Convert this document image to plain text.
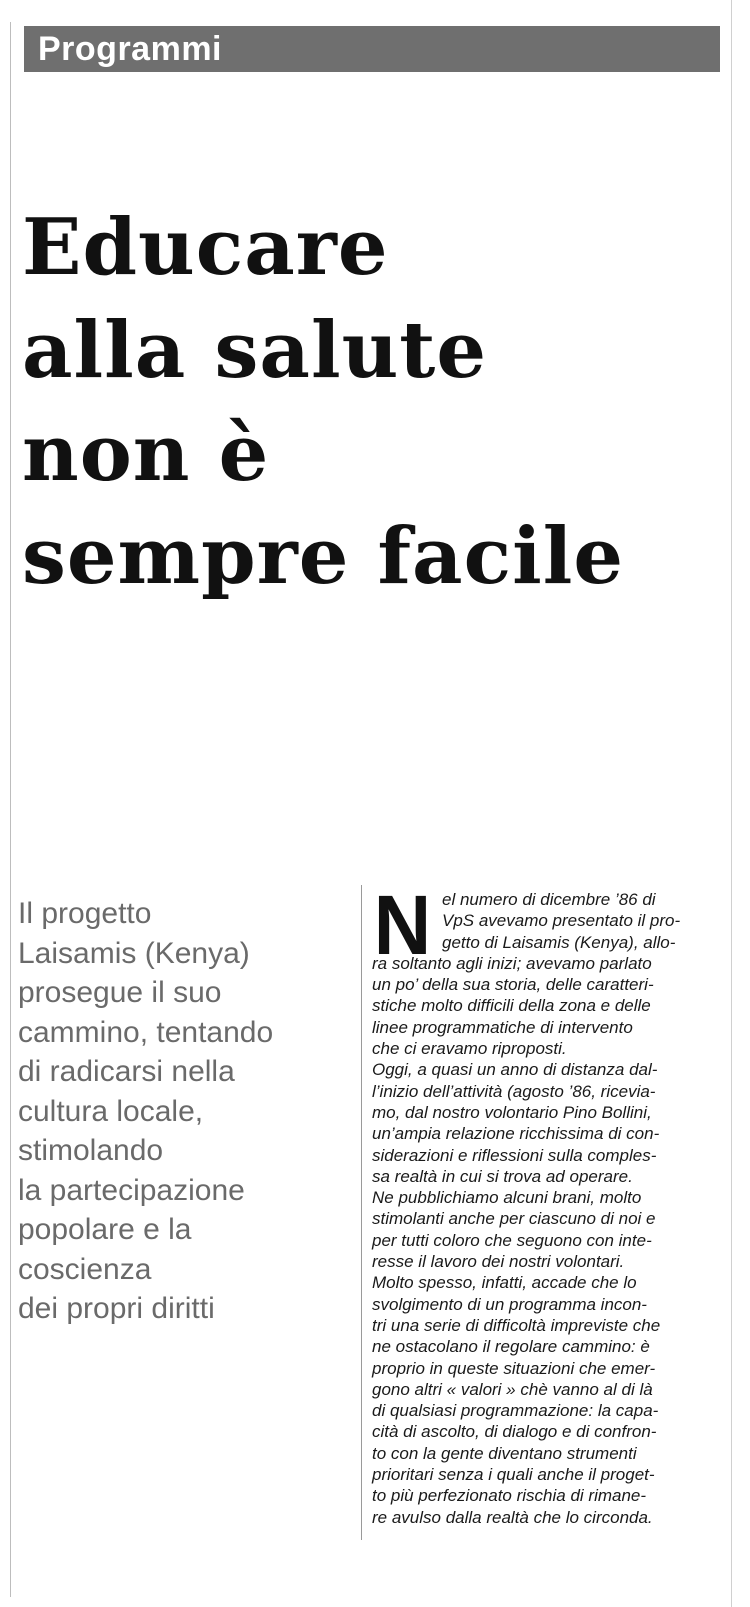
Programmi
Educare
alla salute
non è
sempre facile
Il progetto
Laisamis (Kenya)
prosegue il suo
cammino, tentando
di radicarsi nella
cultura locale,
stimolando
la partecipazione
popolare e la
coscienza
dei propri diritti
N el numero di dicembre ’86 di
VpS avevamo presentato il pro-
getto di Laisamis (Kenya), allo-
ra soltanto agli inizi; avevamo parlato
un po’ della sua storia, delle caratteri-
stiche molto difficili della zona e delle
linee programmatiche di intervento
che ci eravamo riproposti.
Oggi, a quasi un anno di distanza dal-
l’inizio dell’attività (agosto ’86, ricevia-
mo, dal nostro volontario Pino Bollini,
un’ampia relazione ricchissima di con-
siderazioni e riflessioni sulla comples-
sa realtà in cui si trova ad operare.
Ne pubblichiamo alcuni brani, molto
stimolanti anche per ciascuno di noi e
per tutti coloro che seguono con inte-
resse il lavoro dei nostri volontari.
Molto spesso, infatti, accade che lo
svolgimento di un programma incon-
tri una serie di difficoltà impreviste che
ne ostacolano il regolare cammino: è
proprio in queste situazioni che emer-
gono altri « valori » chè vanno al di là
di qualsiasi programmazione: la capa-
cità di ascolto, di dialogo e di confron-
to con la gente diventano strumenti
prioritari senza i quali anche il proget-
to più perfezionato rischia di rimane-
re avulso dalla realtà che lo circonda.
